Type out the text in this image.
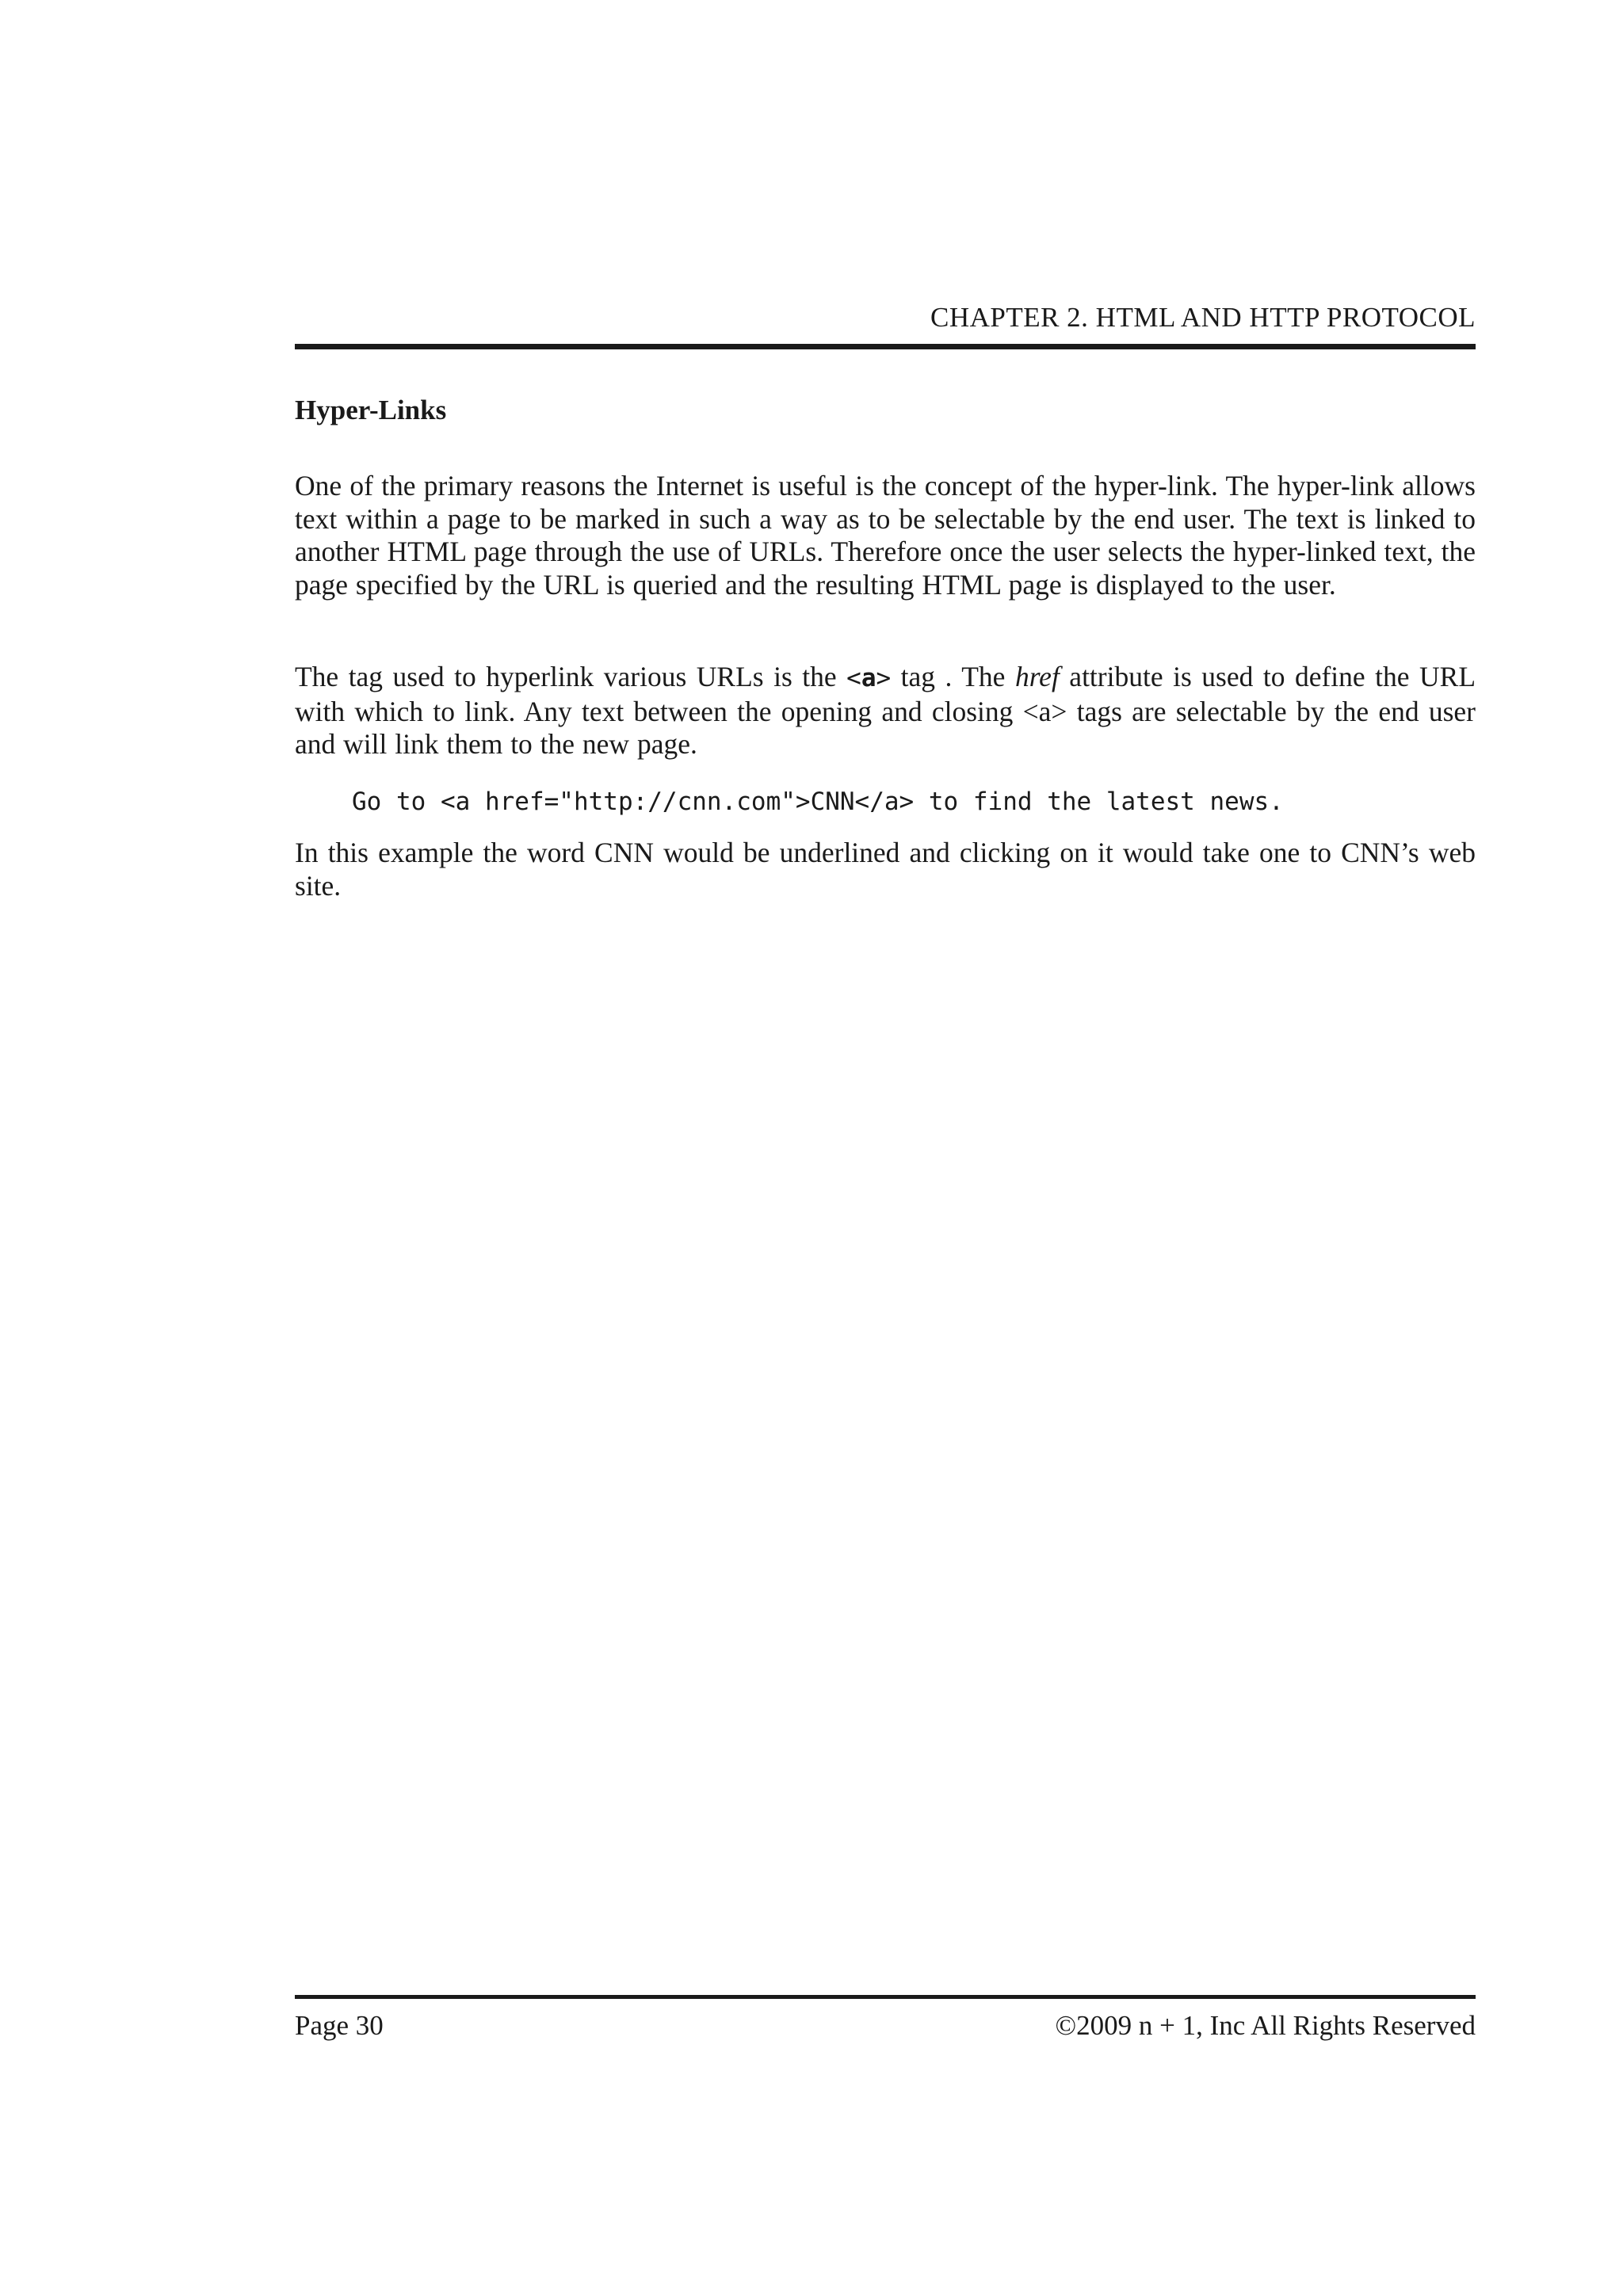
CHAPTER 2. HTML AND HTTP PROTOCOL
Hyper-Links
One of the primary reasons the Internet is useful is the concept of the hyper-link. The hyper-link allows text within a page to be marked in such a way as to be selectable by the end user. The text is linked to another HTML page through the use of URLs. Therefore once the user selects the hyper-linked text, the page specified by the URL is queried and the resulting HTML page is displayed to the user.
The tag used to hyperlink various URLs is the <a> tag . The href attribute is used to define the URL with which to link. Any text between the opening and closing <a> tags are selectable by the end user and will link them to the new page.
Go to <a href="http://cnn.com">CNN</a> to find the latest news.
In this example the word CNN would be underlined and clicking on it would take one to CNN’s web site.
Page 30	©2009 n + 1, Inc All Rights Reserved
